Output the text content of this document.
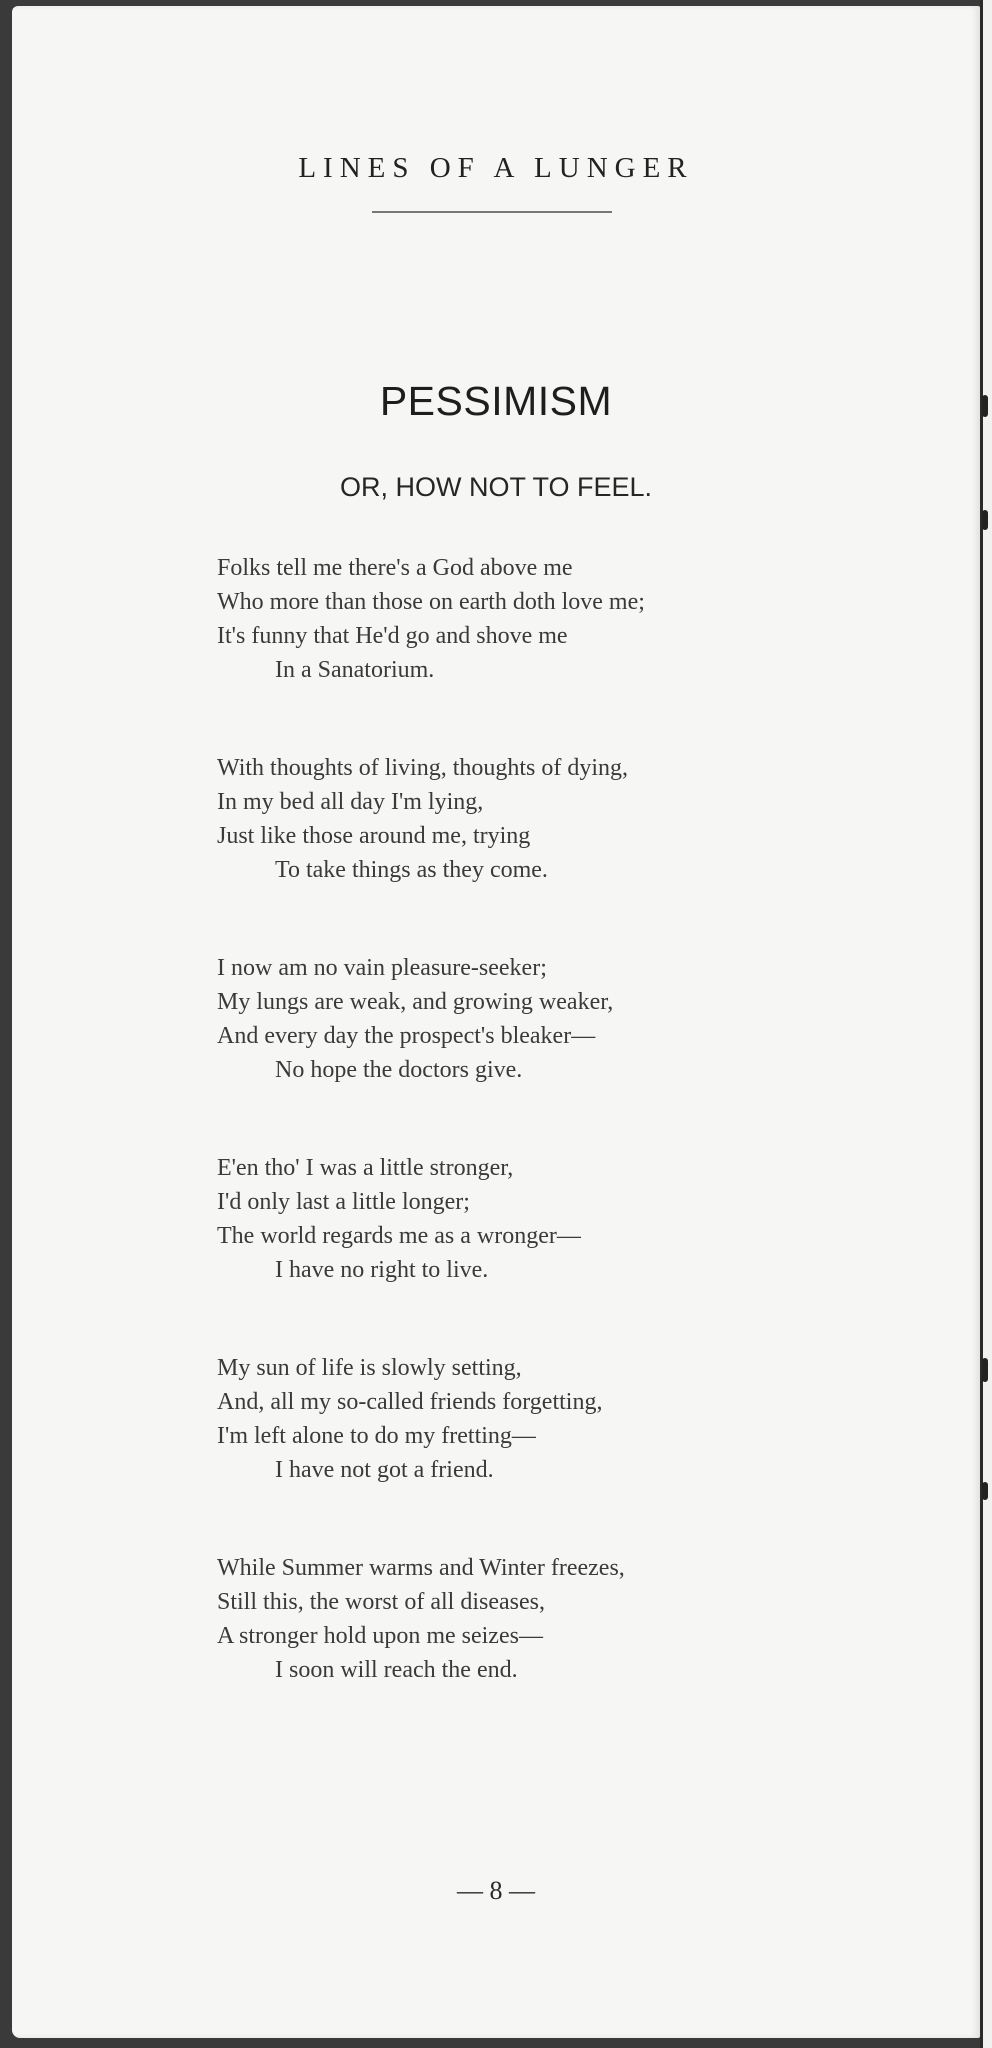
LINES OF A LUNGER
PESSIMISM
OR, HOW NOT TO FEEL.
Folks tell me there's a God above me
Who more than those on earth doth love me;
It's funny that He'd go and shove me
In a Sanatorium.
With thoughts of living, thoughts of dying,
In my bed all day I'm lying,
Just like those around me, trying
To take things as they come.
I now am no vain pleasure-seeker;
My lungs are weak, and growing weaker,
And every day the prospect's bleaker—
No hope the doctors give.
E'en tho' I was a little stronger,
I'd only last a little longer;
The world regards me as a wronger—
I have no right to live.
My sun of life is slowly setting,
And, all my so-called friends forgetting,
I'm left alone to do my fretting—
I have not got a friend.
While Summer warms and Winter freezes,
Still this, the worst of all diseases,
A stronger hold upon me seizes—
I soon will reach the end.
— 8 —
